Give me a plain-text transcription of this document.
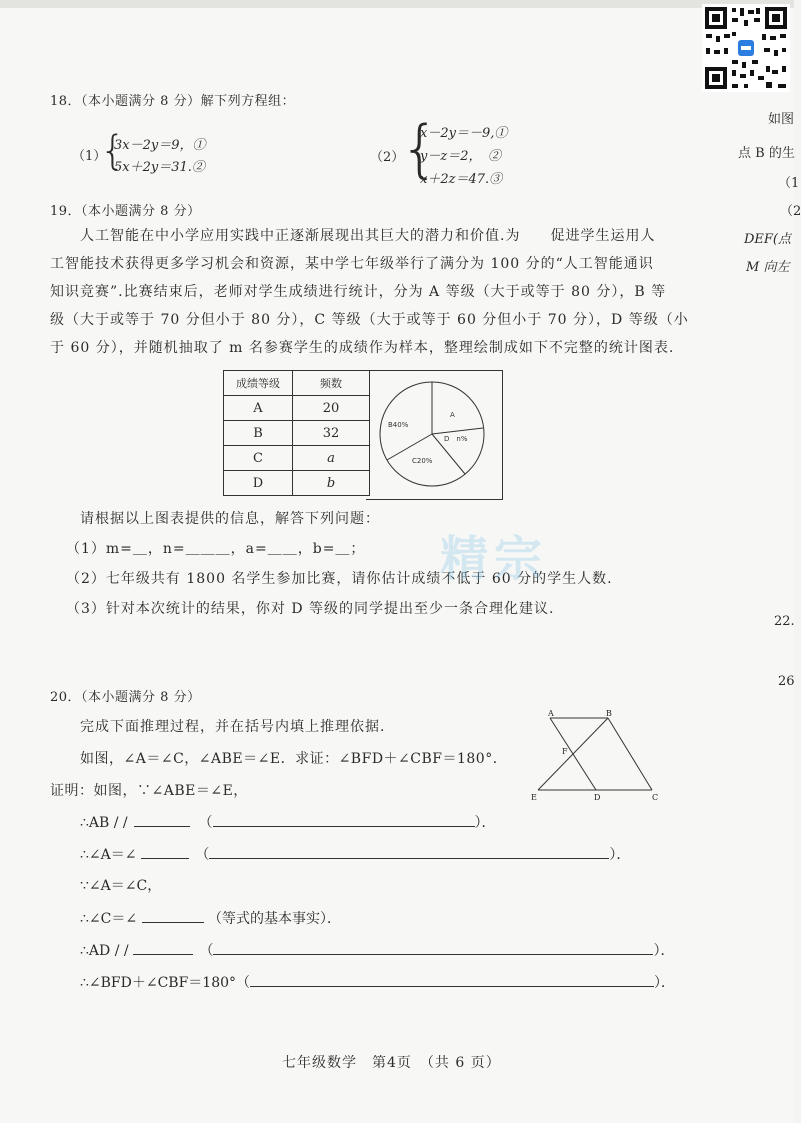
如图
点 B 的生
（1
（2
DEF(点
M 向左
22.
26
18．（本小题满分 8 分）解下列方程组：
（1）
{
3x－2y＝9，①
5x＋2y＝31.②
（2）
{
x－2y＝－9,①
y－z＝2，　②
x＋2z＝47.③
19．（本小题满分 8 分）
人工智能在中小学应用实践中正逐渐展现出其巨大的潜力和价值.为　　促进学生运用人
工智能技术获得更多学习机会和资源，某中学七年级举行了满分为 100 分的“人工智能通识
知识竞赛”.比赛结束后，老师对学生成绩进行统计，分为 A 等级（大于或等于 80 分），B 等
级（大于或等于 70 分但小于 80 分），C 等级（大于或等于 60 分但小于 70 分），D 等级（小
于 60 分），并随机抽取了 m 名参赛学生的成绩作为样本，整理绘制成如下不完整的统计图表.
成绩等级	频数
A	20
B	32
C	a
D	b
B40%
A
D　n%
C20%
请根据以上图表提供的信息，解答下列问题：
（1）m=＿，n=＿＿＿，a=＿＿，b=＿；
（2）七年级共有 1800 名学生参加比赛，请你估计成绩不低于 60 分的学生人数.
（3）针对本次统计的结果，你对 D 等级的同学提出至少一条合理化建议.
精宗
20．（本小题满分 8 分）
完成下面推理过程，并在括号内填上推理依据.
如图，∠A＝∠C，∠ABE＝∠E．求证：∠BFD＋∠CBF＝180°．
证明：如图，∵∠ABE＝∠E，
A	B
F
E	D	C
∴AB / /	（	）．
∴∠A＝∠	（	）．
∵∠A＝∠C，
∴∠C＝∠	（等式的基本事实）．
∴AD / /	（	）．
∴∠BFD＋∠CBF＝180°（	）．
七年级数学　第4页　（共 6 页）
